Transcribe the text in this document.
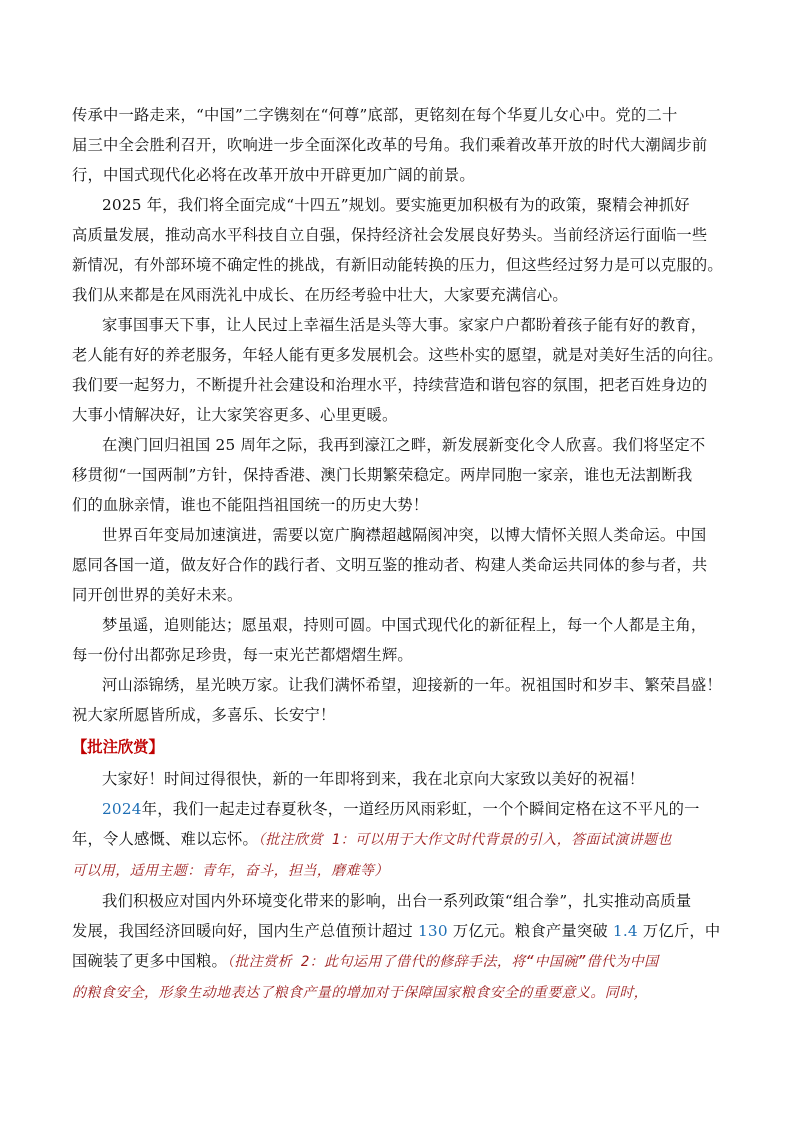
传承中一路走来，“中国”二字镌刻在“何尊”底部，更铭刻在每个华夏儿女心中。党的二十
届三中全会胜利召开，吹响进一步全面深化改革的号角。我们乘着改革开放的时代大潮阔步前
行，中国式现代化必将在改革开放中开辟更加广阔的前景。

2025 年，我们将全面完成“十四五”规划。要实施更加积极有为的政策，聚精会神抓好
高质量发展，推动高水平科技自立自强，保持经济社会发展良好势头。当前经济运行面临一些
新情况，有外部环境不确定性的挑战，有新旧动能转换的压力，但这些经过努力是可以克服的。
我们从来都是在风雨洗礼中成长、在历经考验中壮大，大家要充满信心。

家事国事天下事，让人民过上幸福生活是头等大事。家家户户都盼着孩子能有好的教育，
老人能有好的养老服务，年轻人能有更多发展机会。这些朴实的愿望，就是对美好生活的向往。
我们要一起努力，不断提升社会建设和治理水平，持续营造和谐包容的氛围，把老百姓身边的
大事小情解决好，让大家笑容更多、心里更暖。

在澳门回归祖国 25 周年之际，我再到濠江之畔，新发展新变化令人欣喜。我们将坚定不
移贯彻“一国两制”方针，保持香港、澳门长期繁荣稳定。两岸同胞一家亲，谁也无法割断我
们的血脉亲情，谁也不能阻挡祖国统一的历史大势！

世界百年变局加速演进，需要以宽广胸襟超越隔阂冲突，以博大情怀关照人类命运。中国
愿同各国一道，做友好合作的践行者、文明互鉴的推动者、构建人类命运共同体的参与者，共
同开创世界的美好未来。

梦虽遥，追则能达；愿虽艰，持则可圆。中国式现代化的新征程上，每一个人都是主角，
每一份付出都弥足珍贵，每一束光芒都熠熠生辉。

河山添锦绣，星光映万家。让我们满怀希望，迎接新的一年。祝祖国时和岁丰、繁荣昌盛！
祝大家所愿皆所成，多喜乐、长安宁！

【批注欣赏】

大家好！时间过得很快，新的一年即将到来，我在北京向大家致以美好的祝福！

2024年，我们一起走过春夏秋冬，一道经历风雨彩虹，一个个瞬间定格在这不平凡的一
年，令人感慨、难以忘怀。（批注欣赏 1：可以用于大作文时代背景的引入，答面试演讲题也
可以用，适用主题：青年，奋斗，担当，磨难等）

我们积极应对国内外环境变化带来的影响，出台一系列政策“组合拳”，扎实推动高质量
发展，我国经济回暖向好，国内生产总值预计超过 130 万亿元。粮食产量突破 1.4 万亿斤，中
国碗装了更多中国粮。（批注赏析 2：此句运用了借代的修辞手法，将“中国碗”借代为中国
的粮食安全，形象生动地表达了粮食产量的增加对于保障国家粮食安全的重要意义。同时，
